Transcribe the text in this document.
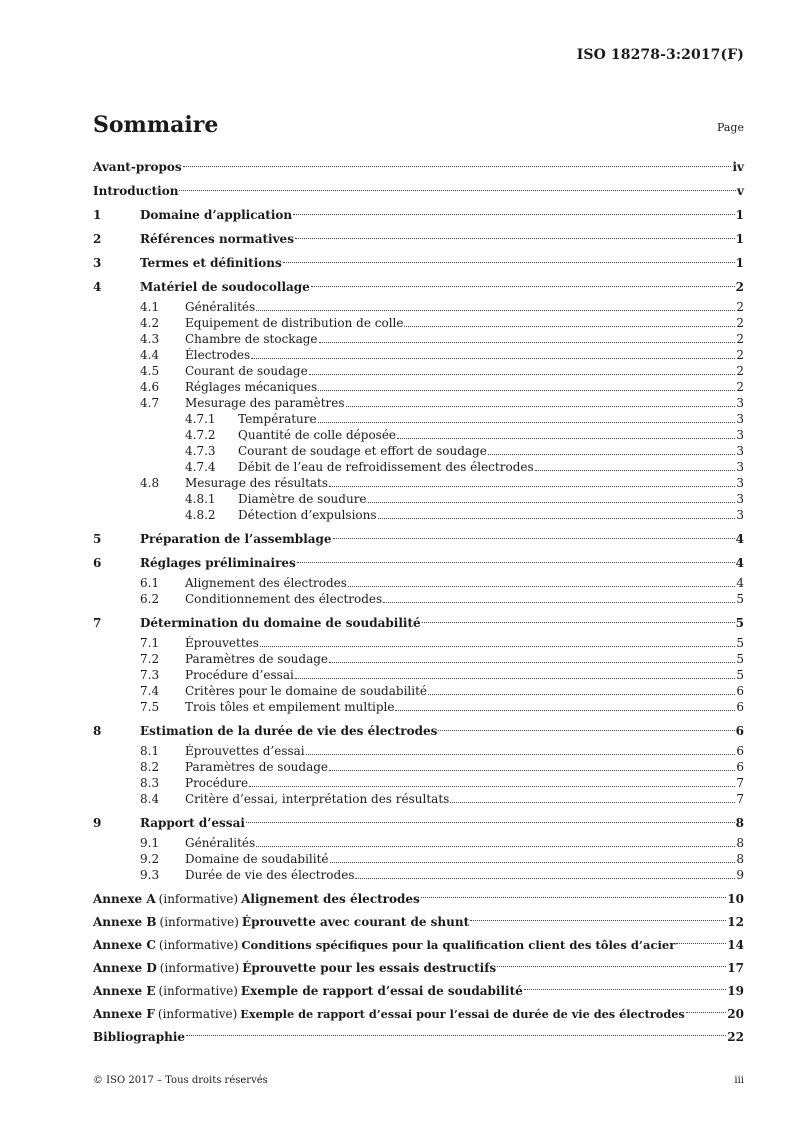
ISO 18278-3:2017(F)
Sommaire	Page
Avant-propos	iv
Introduction	v
1	Domaine d’application	1
2	Références normatives	1
3	Termes et définitions	1
4	Matériel de soudocollage	2
4.1	Généralités	2
4.2	Equipement de distribution de colle	2
4.3	Chambre de stockage	2
4.4	Électrodes	2
4.5	Courant de soudage	2
4.6	Réglages mécaniques	2
4.7	Mesurage des paramètres	3
4.7.1	Température	3
4.7.2	Quantité de colle déposée	3
4.7.3	Courant de soudage et effort de soudage	3
4.7.4	Débit de l’eau de refroidissement des électrodes	3
4.8	Mesurage des résultats	3
4.8.1	Diamètre de soudure	3
4.8.2	Détection d’expulsions	3
5	Préparation de l’assemblage	4
6	Réglages préliminaires	4
6.1	Alignement des électrodes	4
6.2	Conditionnement des électrodes	5
7	Détermination du domaine de soudabilité	5
7.1	Éprouvettes	5
7.2	Paramètres de soudage	5
7.3	Procédure d’essai	5
7.4	Critères pour le domaine de soudabilité	6
7.5	Trois tôles et empilement multiple	6
8	Estimation de la durée de vie des électrodes	6
8.1	Éprouvettes d’essai	6
8.2	Paramètres de soudage	6
8.3	Procédure	7
8.4	Critère d’essai, interprétation des résultats	7
9	Rapport d’essai	8
9.1	Généralités	8
9.2	Domaine de soudabilité	8
9.3	Durée de vie des électrodes	9
Annexe A (informative) Alignement des électrodes	10
Annexe B (informative) Éprouvette avec courant de shunt	12
Annexe C (informative) Conditions spécifiques pour la qualification client des tôles d’acier	14
Annexe D (informative) Éprouvette pour les essais destructifs	17
Annexe E (informative) Exemple de rapport d’essai de soudabilité	19
Annexe F (informative) Exemple de rapport d’essai pour l’essai de durée de vie des électrodes	20
Bibliographie	22
© ISO 2017 – Tous droits réservés	iii
